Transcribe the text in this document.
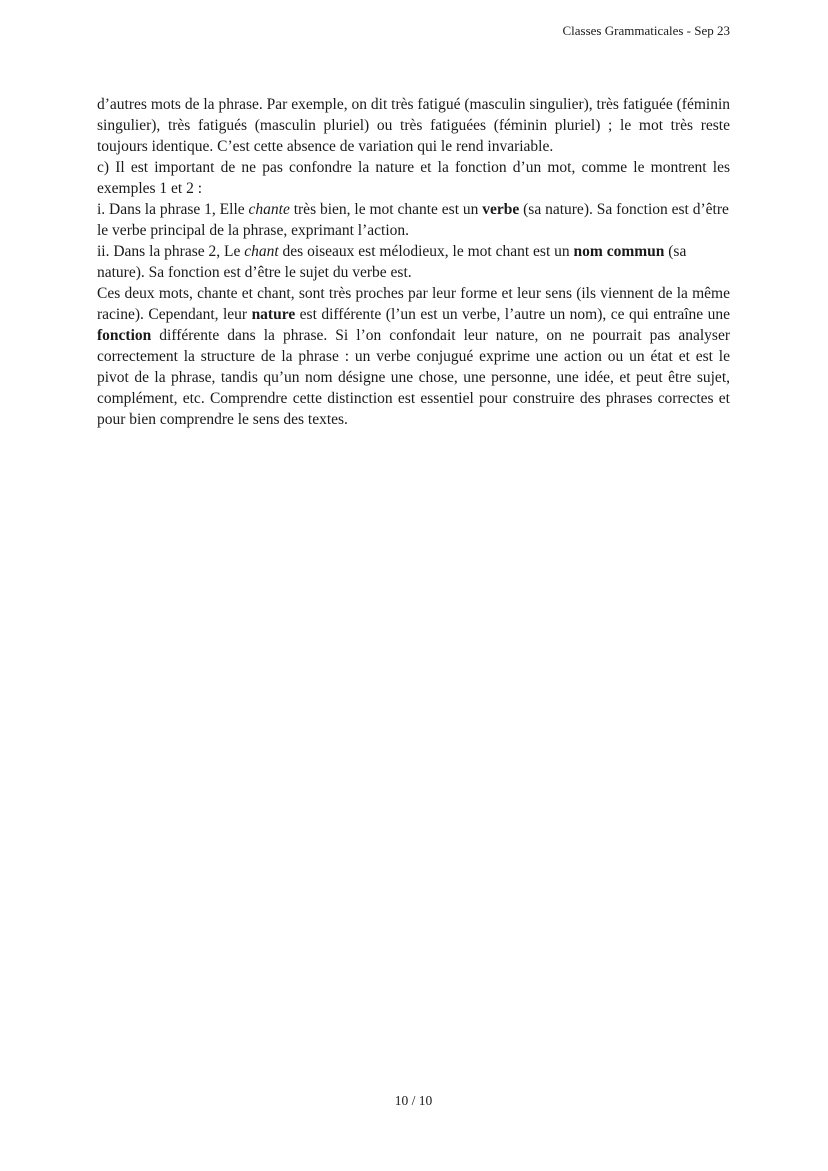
Classes Grammaticales - Sep 23

d’autres mots de la phrase. Par exemple, on dit très fatigué (masculin singulier), très fatiguée (féminin singulier), très fatigués (masculin pluriel) ou très fatiguées (féminin pluriel) ; le mot très reste toujours identique. C’est cette absence de variation qui le rend invariable.

c) Il est important de ne pas confondre la nature et la fonction d’un mot, comme le montrent les exemples 1 et 2 :

i. Dans la phrase 1, Elle chante très bien, le mot chante est un verbe (sa nature). Sa fonction est d’être le verbe principal de la phrase, exprimant l’action.

ii. Dans la phrase 2, Le chant des oiseaux est mélodieux, le mot chant est un nom commun (sa nature). Sa fonction est d’être le sujet du verbe est.

Ces deux mots, chante et chant, sont très proches par leur forme et leur sens (ils viennent de la même racine). Cependant, leur nature est différente (l’un est un verbe, l’autre un nom), ce qui entraîne une fonction différente dans la phrase. Si l’on confondait leur nature, on ne pourrait pas analyser correctement la structure de la phrase : un verbe conjugué exprime une action ou un état et est le pivot de la phrase, tandis qu’un nom désigne une chose, une personne, une idée, et peut être sujet, complément, etc. Comprendre cette distinction est essentiel pour construire des phrases correctes et pour bien comprendre le sens des textes.

10 / 10
